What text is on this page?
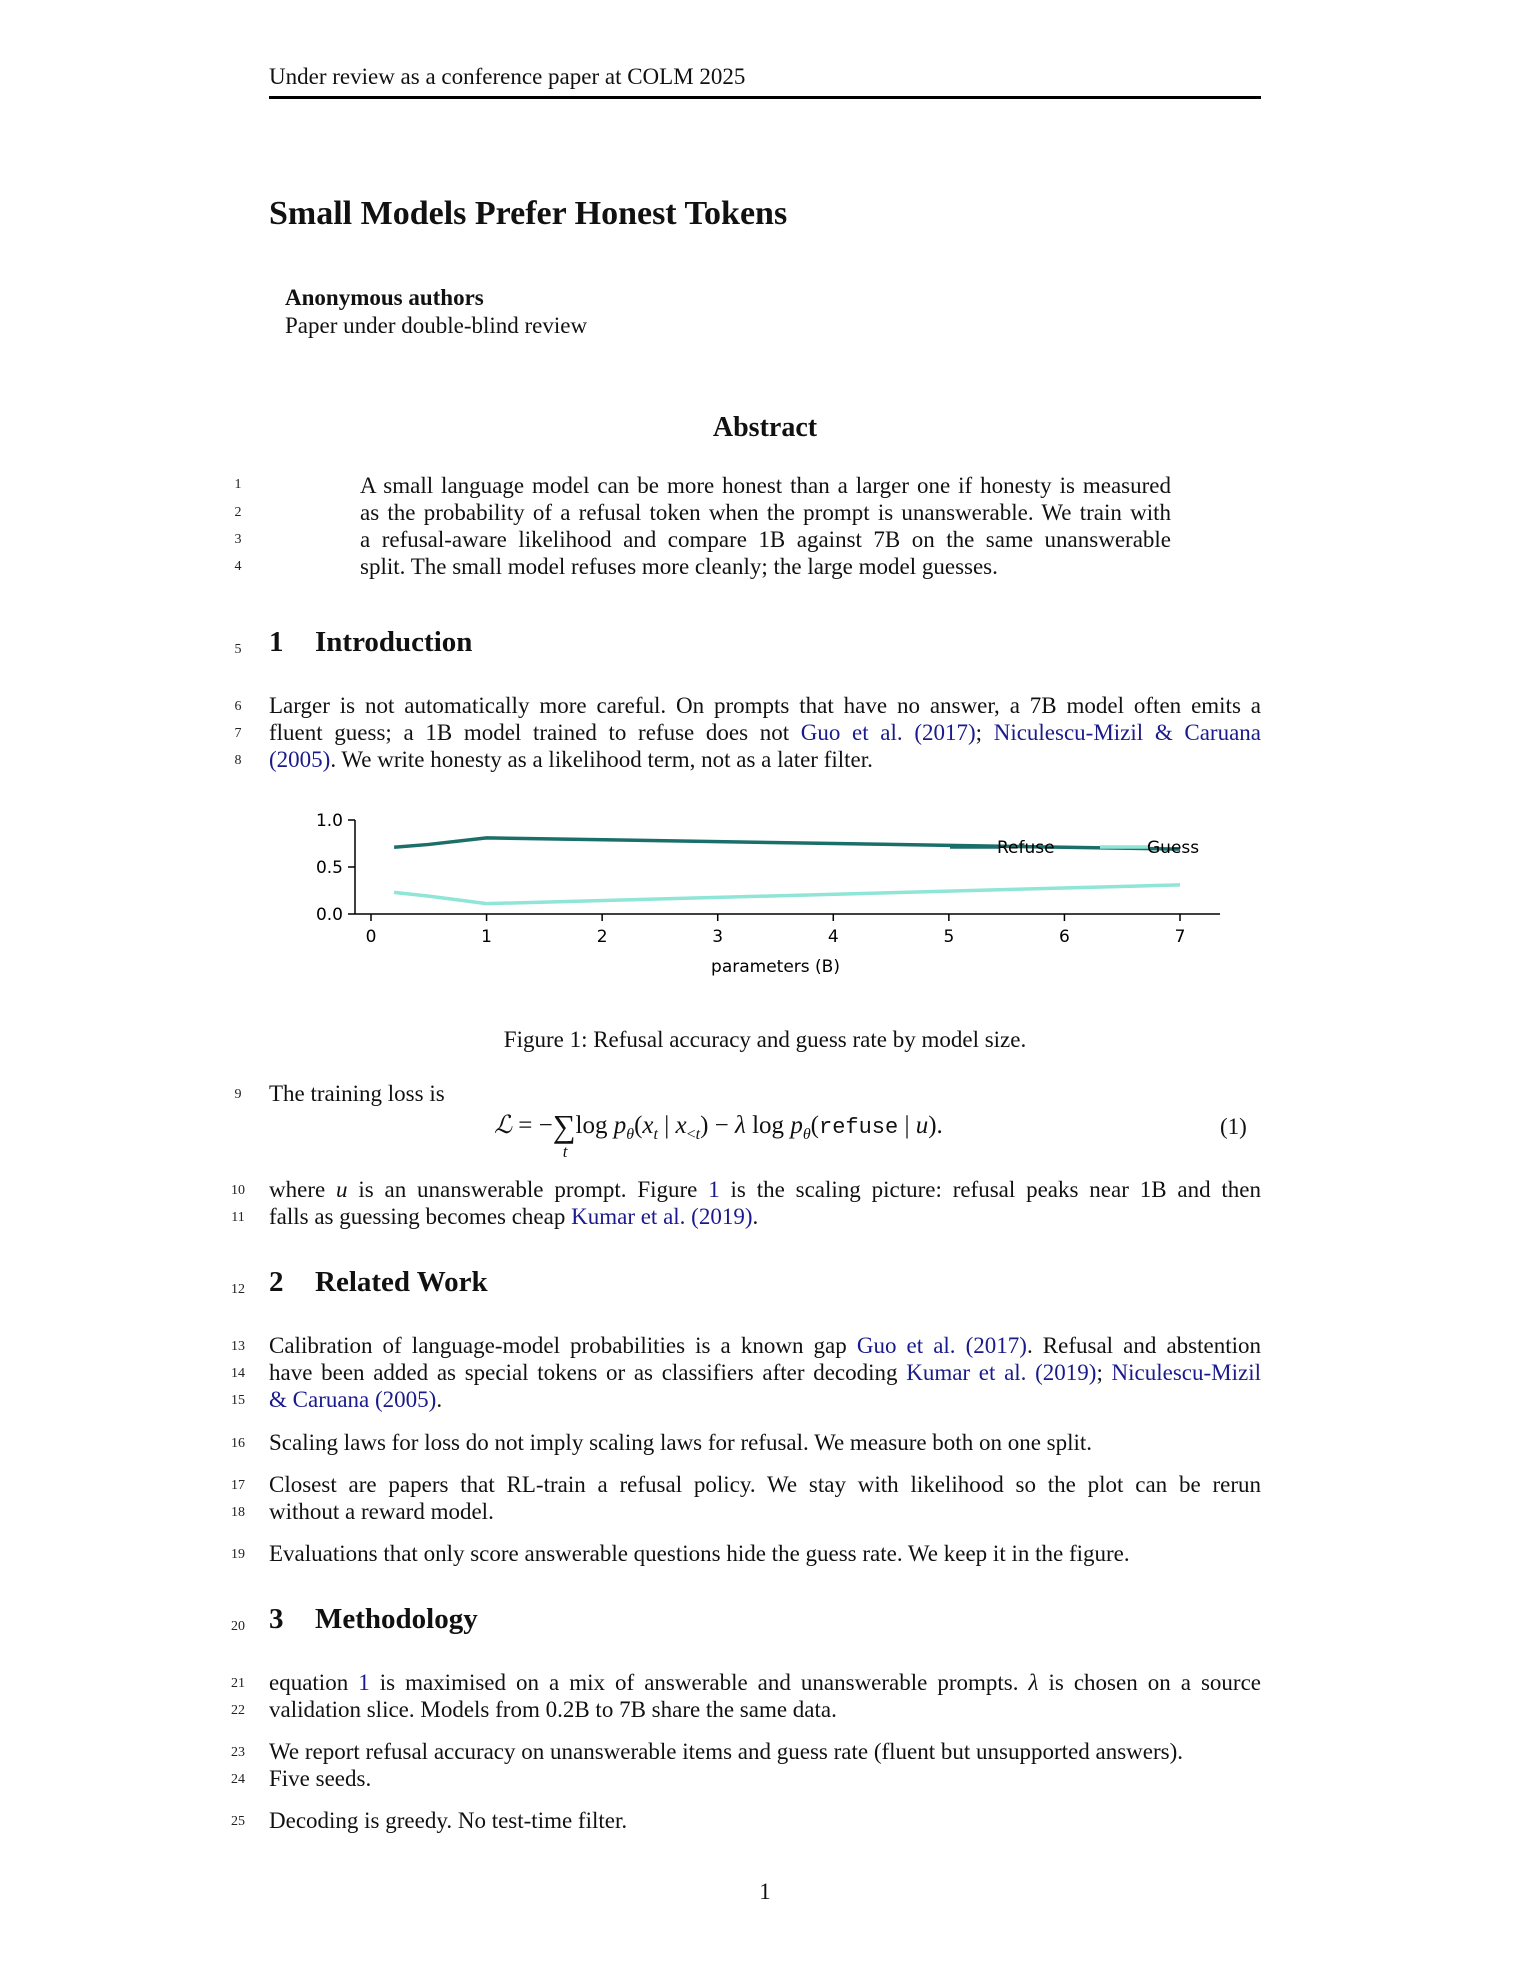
Under review as a conference paper at COLM 2025
Small Models Prefer Honest Tokens
Anonymous authors
Paper under double-blind review
Abstract
1
2
3
4
A small language model can be more honest than a larger one if honesty is measured
as the probability of a refusal token when the prompt is unanswerable. We train with
a refusal-aware likelihood and compare 1B against 7B on the same unanswerable
split. The small model refuses more cleanly; the large model guesses.
5 1 Introduction
6
7
8
Larger is not automatically more careful. On prompts that have no answer, a 7B model often emits a
fluent guess; a 1B model trained to refuse does not Guo et al. (2017); Niculescu-Mizil & Caruana
(2005). We write honesty as a likelihood term, not as a later filter.
0.0
0.5
1.0
0	1	2	3	4	5	6	7
parameters (B)
Refuse	Guess
Figure 1: Refusal accuracy and guess rate by model size.
9 The training loss is
ℒ = −∑
t
$\log p_\theta(x_t$ | $x_{<t}) - \lambda$ $\log p_\theta(refuse$ | u).	(1)
10
11
where u is an unanswerable prompt. Figure 1 is the scaling picture: refusal peaks near 1B and then
falls as guessing becomes cheap Kumar et al. (2019).
12 2 Related Work
13
14
15
Calibration of language-model probabilities is a known gap Guo et al. (2017). Refusal and abstention
have been added as special tokens or as classifiers after decoding Kumar et al. (2019); Niculescu-Mizil
& Caruana (2005).
16 Scaling laws for loss do not imply scaling laws for refusal. We measure both on one split.
17
18
Closest are papers that RL-train a refusal policy. We stay with likelihood so the plot can be rerun
without a reward model.
19 Evaluations that only score answerable questions hide the guess rate. We keep it in the figure.
20 3 Methodology
21
22
equation 1 is maximised on a mix of answerable and unanswerable prompts. λ is chosen on a source
validation slice. Models from 0.2B to 7B share the same data.
23
24
We report refusal accuracy on unanswerable items and guess rate (fluent but unsupported answers).
Five seeds.
25 Decoding is greedy. No test-time filter.
1
